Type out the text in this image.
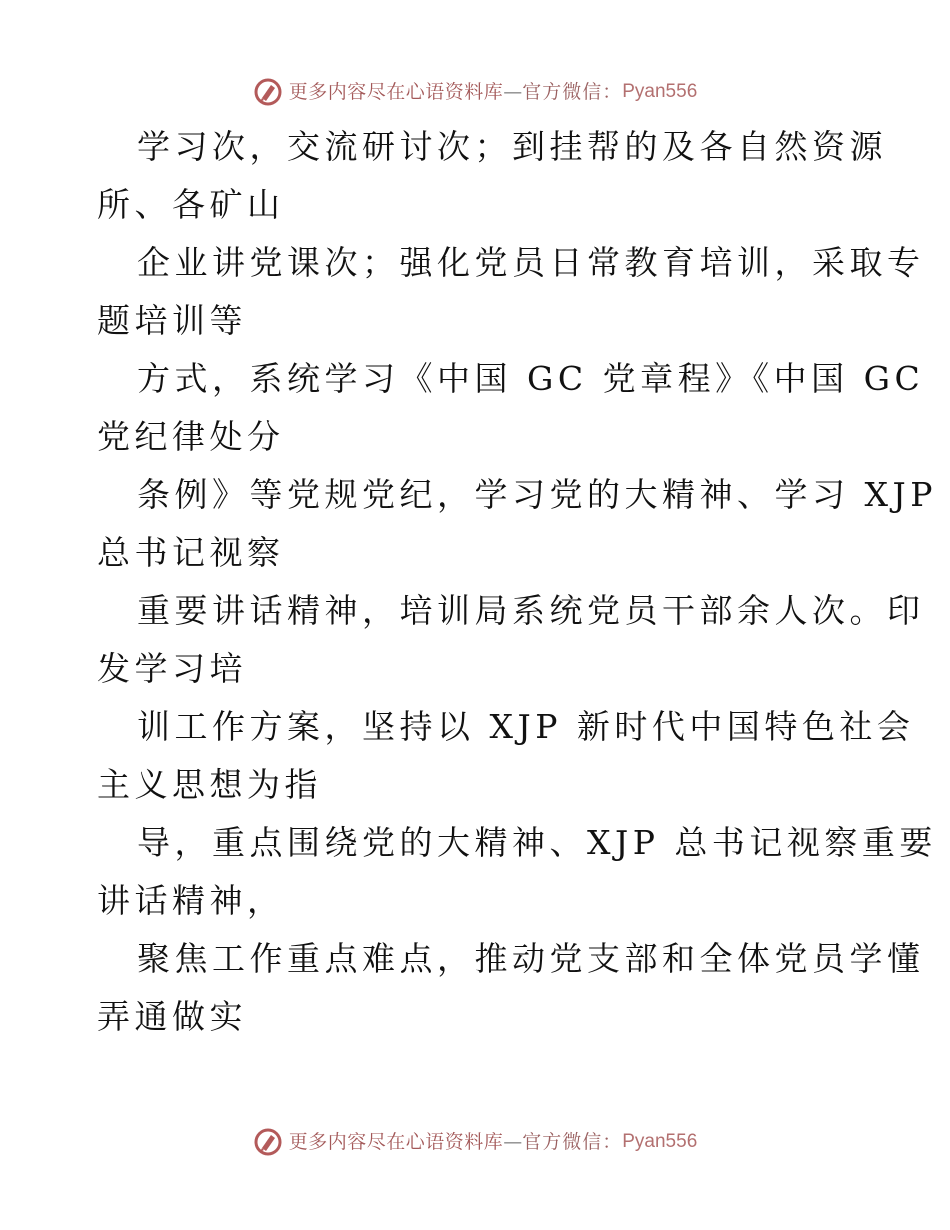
更多内容尽在心语资料库 — 官方微信： Pyan556
学习次，交流研讨次；到挂帮的及各自然资源
所、各矿山
企业讲党课次；强化党员日常教育培训，采取专
题培训等
方式，系统学习《中国 GC 党章程》《中国 GC
党纪律处分
条例》等党规党纪，学习党的大精神、学习 XJP
总书记视察
重要讲话精神，培训局系统党员干部余人次。印
发学习培
训工作方案，坚持以 XJP 新时代中国特色社会
主义思想为指
导，重点围绕党的大精神、XJP 总书记视察重要
讲话精神，
聚焦工作重点难点，推动党支部和全体党员学懂
弄通做实
更多内容尽在心语资料库 — 官方微信： Pyan556
